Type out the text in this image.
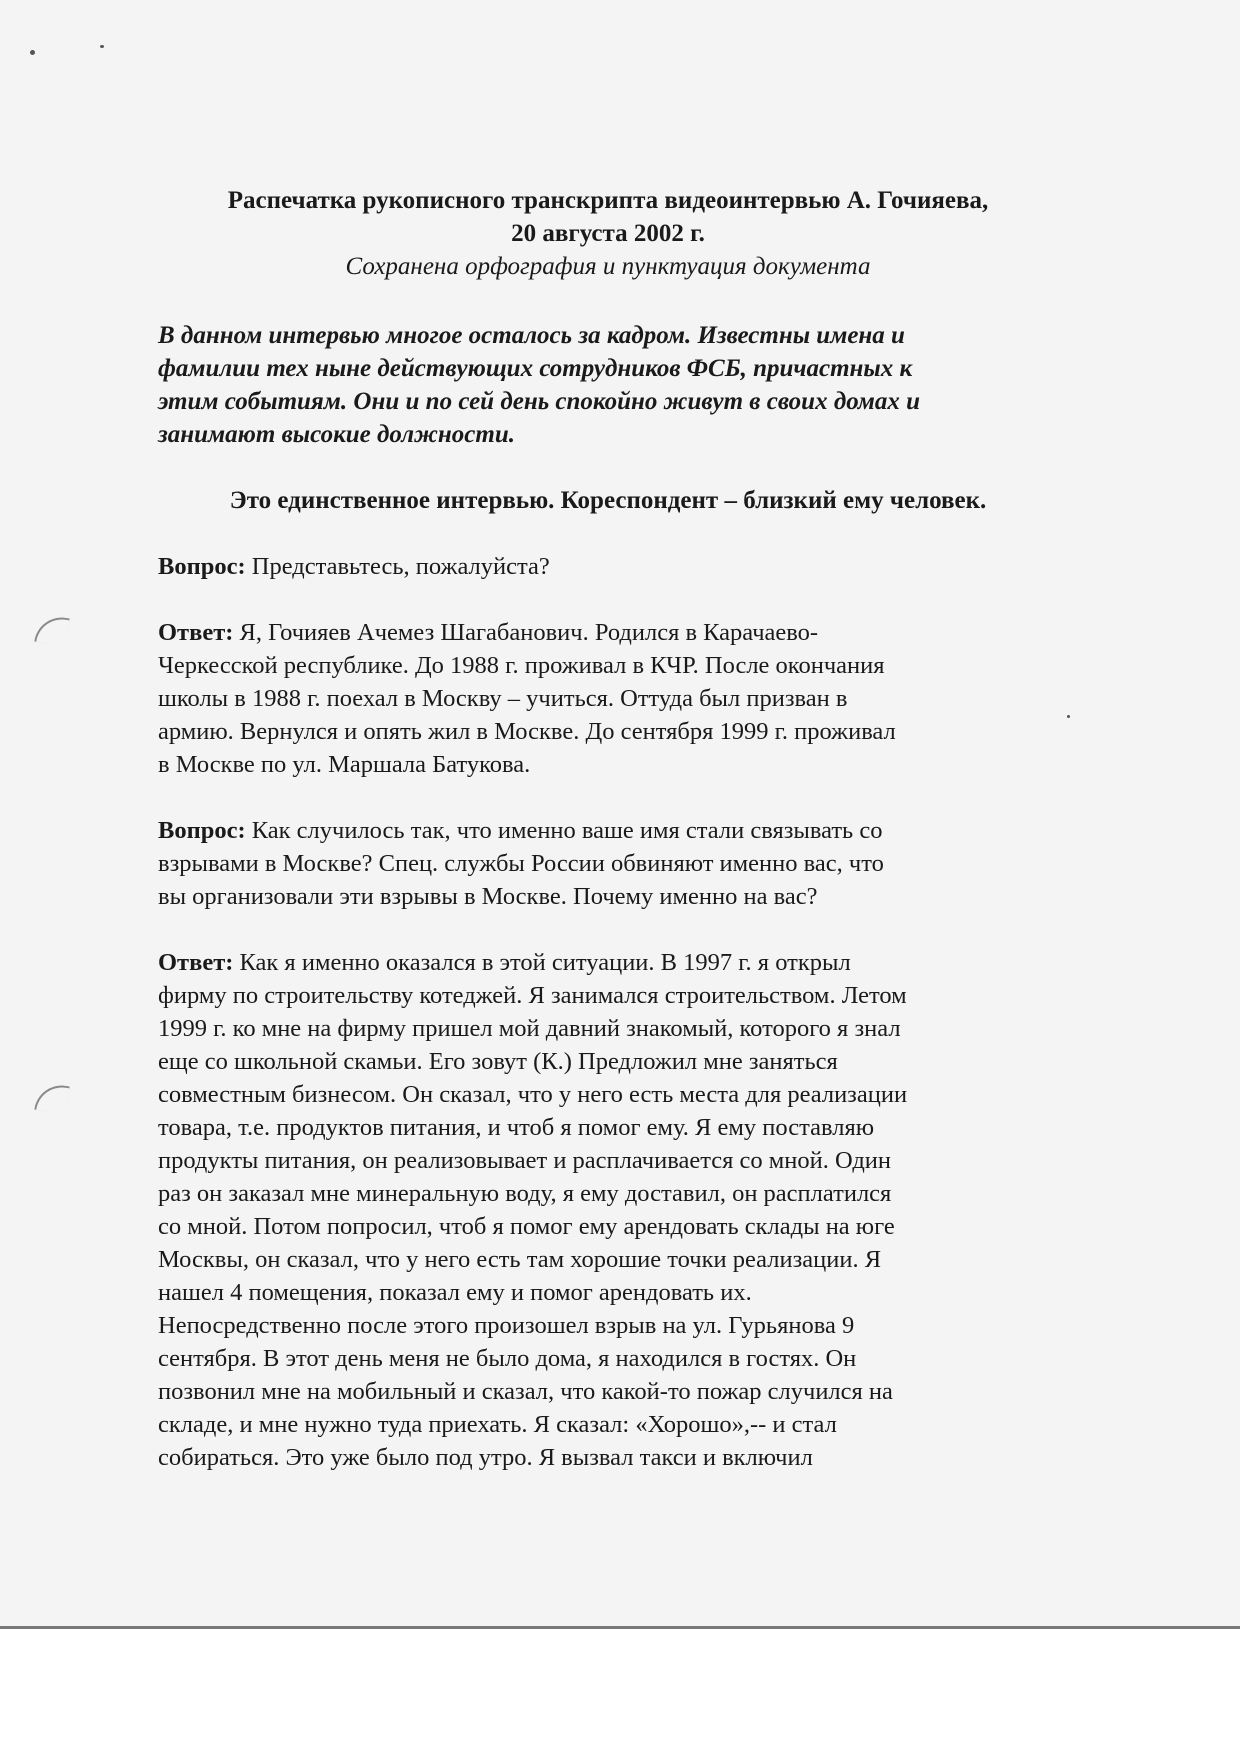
Распечатка рукописного транскрипта видеоинтервью А. Гочияева,
20 августа 2002 г.
Сохранена орфография и пунктуация документа
В данном интервью многое осталось за кадром. Известны имена и
фамилии тех ныне действующих сотрудников ФСБ, причастных к
этим событиям. Они и по сей день спокойно живут в своих домах и
занимают высокие должности.
Это единственное интервью. Кореспондент – близкий ему человек.
Вопрос: Представьтесь, пожалуйста?
Ответ: Я, Гочияев Ачемез Шагабанович. Родился в Карачаево-
Черкесской республике. До 1988 г. проживал в КЧР. После окончания
школы в 1988 г. поехал в Москву – учиться. Оттуда был призван в
армию. Вернулся и опять жил в Москве. До сентября 1999 г. проживал
в Москве по ул. Маршала Батукова.
Вопрос: Как случилось так, что именно ваше имя стали связывать со
взрывами в Москве? Спец. службы России обвиняют именно вас, что
вы организовали эти взрывы в Москве. Почему именно на вас?
Ответ: Как я именно оказался в этой ситуации. В 1997 г. я открыл
фирму по строительству котеджей. Я занимался строительством. Летом
1999 г. ко мне на фирму пришел мой давний знакомый, которого я знал
еще со школьной скамьи. Его зовут (К.) Предложил мне заняться
совместным бизнесом. Он сказал, что у него есть места для реализации
товара, т.е. продуктов питания, и чтоб я помог ему. Я ему поставляю
продукты питания, он реализовывает и расплачивается со мной. Один
раз он заказал мне минеральную воду, я ему доставил, он расплатился
со мной. Потом попросил, чтоб я помог ему арендовать склады на юге
Москвы, он сказал, что у него есть там хорошие точки реализации. Я
нашел 4 помещения, показал ему и помог арендовать их.
Непосредственно после этого произошел взрыв на ул. Гурьянова 9
сентября. В этот день меня не было дома, я находился в гостях. Он
позвонил мне на мобильный и сказал, что какой-то пожар случился на
складе, и мне нужно туда приехать. Я сказал: «Хорошо»,-- и стал
собираться. Это уже было под утро. Я вызвал такси и включил
